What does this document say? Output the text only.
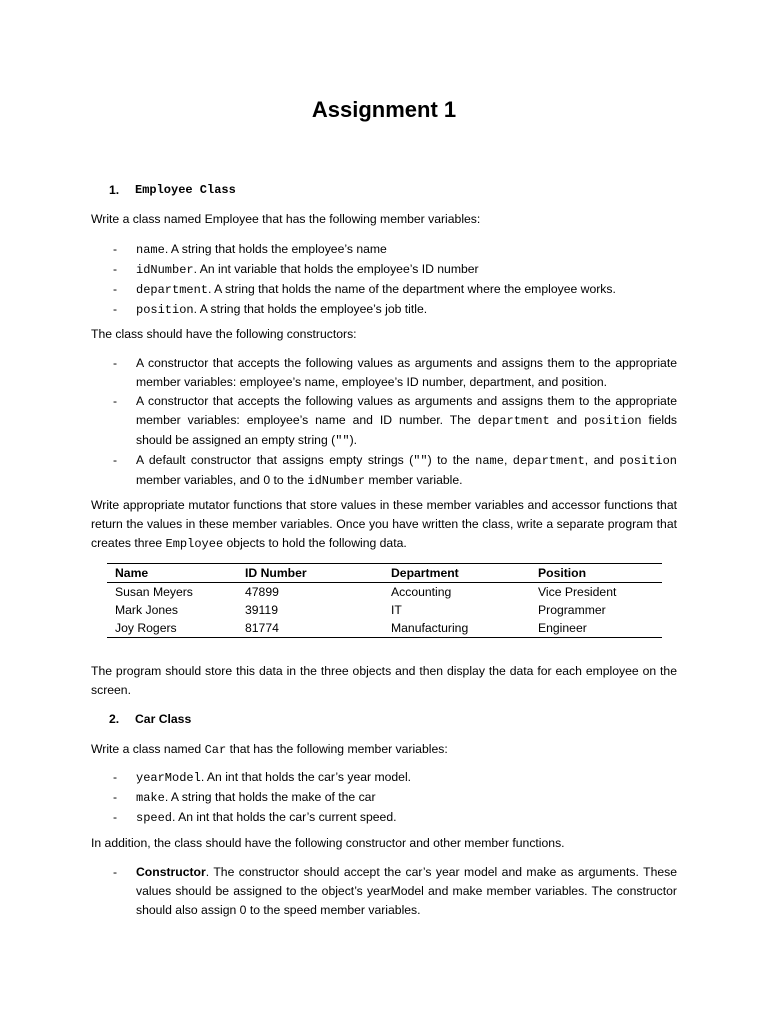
Assignment 1
1.	Employee Class

Write a class named Employee that has the following member variables:

- name. A string that holds the employee’s name
- idNumber. An int variable that holds the employee’s ID number
- department. A string that holds the name of the department where the employee works.
- position. A string that holds the employee’s job title.

The class should have the following constructors:

- A constructor that accepts the following values as arguments and assigns them to the appropriate member variables: employee’s name, employee’s ID number, department, and position.
- A constructor that accepts the following values as arguments and assigns them to the appropriate member variables: employee’s name and ID number. The department and position fields should be assigned an empty string ("").
- A default constructor that assigns empty strings ("") to the name, department, and position member variables, and 0 to the idNumber member variable.

Write appropriate mutator functions that store values in these member variables and accessor functions that return the values in these member variables. Once you have written the class, write a separate program that creates three Employee objects to hold the following data.

Name	ID Number	Department	Position
Susan Meyers	47899	Accounting	Vice President
Mark Jones	39119	IT	Programmer
Joy Rogers	81774	Manufacturing	Engineer

The program should store this data in the three objects and then display the data for each employee on the screen.

2.	Car Class

Write a class named Car that has the following member variables:

- yearModel. An int that holds the car’s year model.
- make. A string that holds the make of the car
- speed. An int that holds the car’s current speed.

In addition, the class should have the following constructor and other member functions.

- Constructor. The constructor should accept the car’s year model and make as arguments. These values should be assigned to the object’s yearModel and make member variables. The constructor should also assign 0 to the speed member variables.
